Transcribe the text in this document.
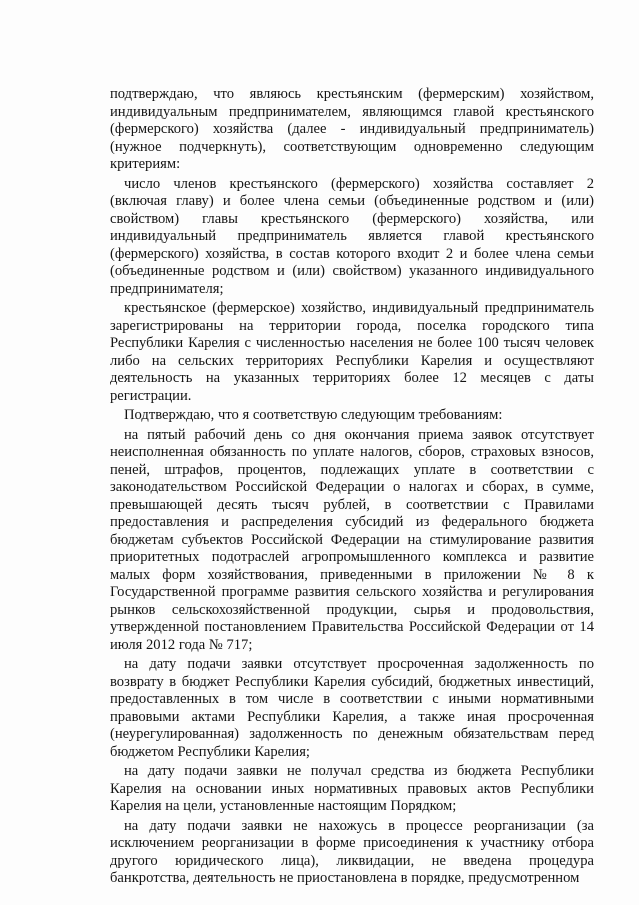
подтверждаю, что являюсь крестьянским (фермерским) хозяйством, индивидуальным предпринимателем, являющимся главой крестьянского (фермерского) хозяйства (далее - индивидуальный предприниматель) (нужное подчеркнуть), соответствующим одновременно следующим критериям:

число членов крестьянского (фермерского) хозяйства составляет 2 (включая главу) и более члена семьи (объединенные родством и (или) свойством) главы крестьянского (фермерского) хозяйства, или индивидуальный предприниматель является главой крестьянского (фермерского) хозяйства, в состав которого входит 2 и более члена семьи (объединенные родством и (или) свойством) указанного индивидуального предпринимателя;

крестьянское (фермерское) хозяйство, индивидуальный предприниматель зарегистрированы на территории города, поселка городского типа Республики Карелия с численностью населения не более 100 тысяч человек либо на сельских территориях Республики Карелия и осуществляют деятельность на указанных территориях более 12 месяцев с даты регистрации.

Подтверждаю, что я соответствую следующим требованиям:

на пятый рабочий день со дня окончания приема заявок отсутствует неисполненная обязанность по уплате налогов, сборов, страховых взносов, пеней, штрафов, процентов, подлежащих уплате в соответствии с законодательством Российской Федерации о налогах и сборах, в сумме, превышающей десять тысяч рублей, в соответствии с Правилами предоставления и распределения субсидий из федерального бюджета бюджетам субъектов Российской Федерации на стимулирование развития приоритетных подотраслей агропромышленного комплекса и развитие малых форм хозяйствования, приведенными в приложении № 8 к Государственной программе развития сельского хозяйства и регулирования рынков сельскохозяйственной продукции, сырья и продовольствия, утвержденной постановлением Правительства Российской Федерации от 14 июля 2012 года № 717;

на дату подачи заявки отсутствует просроченная задолженность по возврату в бюджет Республики Карелия субсидий, бюджетных инвестиций, предоставленных в том числе в соответствии с иными нормативными правовыми актами Республики Карелия, а также иная просроченная (неурегулированная) задолженность по денежным обязательствам перед бюджетом Республики Карелия;

на дату подачи заявки не получал средства из бюджета Республики Карелия на основании иных нормативных правовых актов Республики Карелия на цели, установленные настоящим Порядком;

на дату подачи заявки не нахожусь в процессе реорганизации (за исключением реорганизации в форме присоединения к участнику отбора другого юридического лица), ликвидации, не введена процедура банкротства, деятельность не приостановлена в порядке, предусмотренном
